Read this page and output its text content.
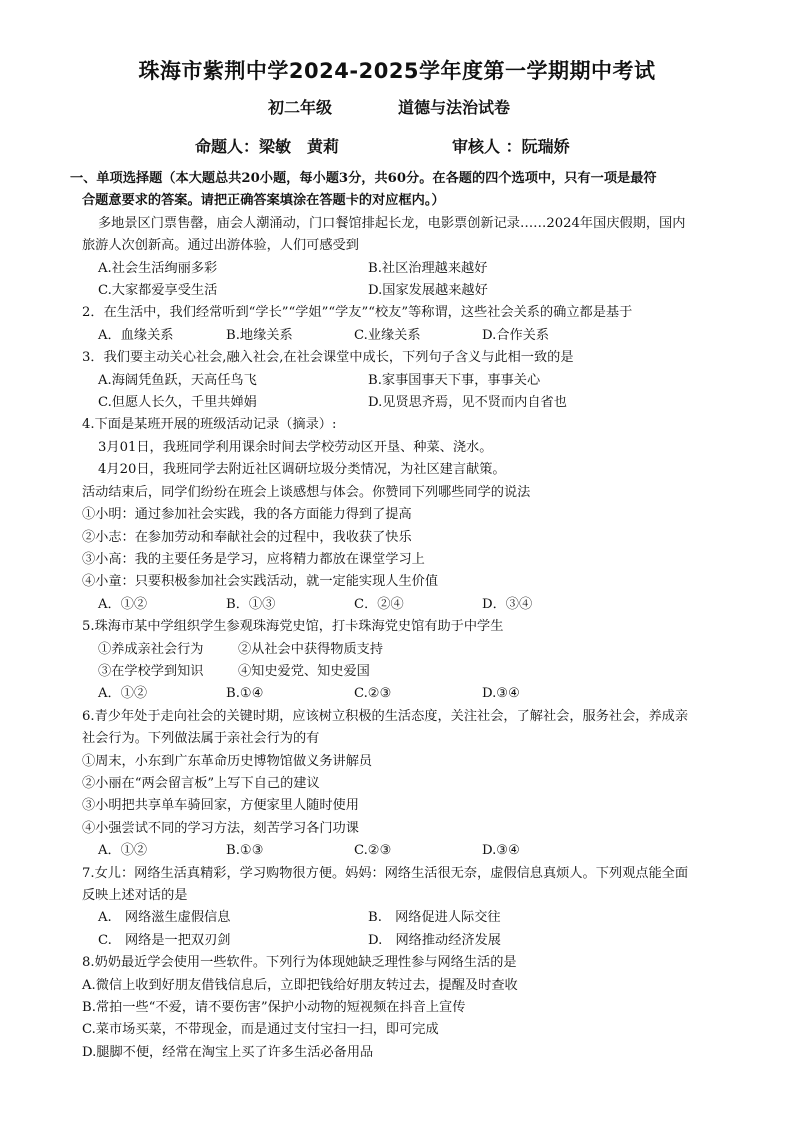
珠海市紫荆中学2024-2025学年度第一学期期中考试
初二年级	道德与法治试卷
命题人：梁敏　黄莉	审核人 ：阮瑞娇
一、单项选择题（本大题总共20小题，每小题3分，共60分。在各题的四个选项中，只有一项是最符
合题意要求的答案。请把正确答案填涂在答题卡的对应框内。）
多地景区门票售罄，庙会人潮涌动，门口餐馆排起长龙，电影票创新记录……2024年国庆假期，国内
旅游人次创新高。通过出游体验，人们可感受到
A.社会生活绚丽多彩	B.社区治理越来越好
C.大家都爱享受生活	D.国家发展越来越好
2．在生活中，我们经常听到“学长”“学姐”“学友”“校友”等称谓，这些社会关系的确立都是基于
A．血缘关系	B.地缘关系	C.业缘关系	D.合作关系
3．我们要主动关心社会,融入社会,在社会课堂中成长，下列句子含义与此相一致的是
A.海阔凭鱼跃，天高任鸟飞	B.家事国事天下事，事事关心
C.但愿人长久，千里共婵娟	D.见贤思齐焉，见不贤而内自省也
4.下面是某班开展的班级活动记录（摘录）:
3月01日，我班同学利用课余时间去学校劳动区开垦、种菜、浇水。
4月20日，我班同学去附近社区调研垃圾分类情况，为社区建言献策。
活动结束后，同学们纷纷在班会上谈感想与体会。你赞同下列哪些同学的说法
①小明：通过参加社会实践，我的各方面能力得到了提高
②小志：在参加劳动和奉献社会的过程中，我收获了快乐
③小高：我的主要任务是学习，应将精力都放在课堂学习上
④小童：只要积极参加社会实践活动，就一定能实现人生价值
A．①②	B．①③	C．②④	D．③④
5.珠海市某中学组织学生参观珠海党史馆，打卡珠海党史馆有助于中学生
①养成亲社会行为	②从社会中获得物质支持
③在学校学到知识	④知史爱党、知史爱国
A．①②	B.①④	C.②③	D.③④
6.青少年处于走向社会的关键时期，应该树立积极的生活态度，关注社会，了解社会，服务社会，养成亲
社会行为。下列做法属于亲社会行为的有
①周末，小东到广东革命历史博物馆做义务讲解员
②小丽在“两会留言板”上写下自己的建议
③小明把共享单车骑回家，方便家里人随时使用
④小强尝试不同的学习方法，刻苦学习各门功课
A．①②	B.①③	C.②③	D.③④
7.女儿：网络生活真精彩，学习购物很方便。妈妈：网络生活很无奈，虚假信息真烦人。下列观点能全面
反映上述对话的是
A.　网络滋生虚假信息	B.　网络促进人际交往
C.　网络是一把双刃剑	D.　网络推动经济发展
8.奶奶最近学会使用一些软件。下列行为体现她缺乏理性参与网络生活的是
A.微信上收到好朋友借钱信息后，立即把钱给好朋友转过去，提醒及时查收
B.常拍一些“不爱，请不要伤害”保护小动物的短视频在抖音上宣传
C.菜市场买菜，不带现金，而是通过支付宝扫一扫，即可完成
D.腿脚不便，经常在淘宝上买了许多生活必备用品
